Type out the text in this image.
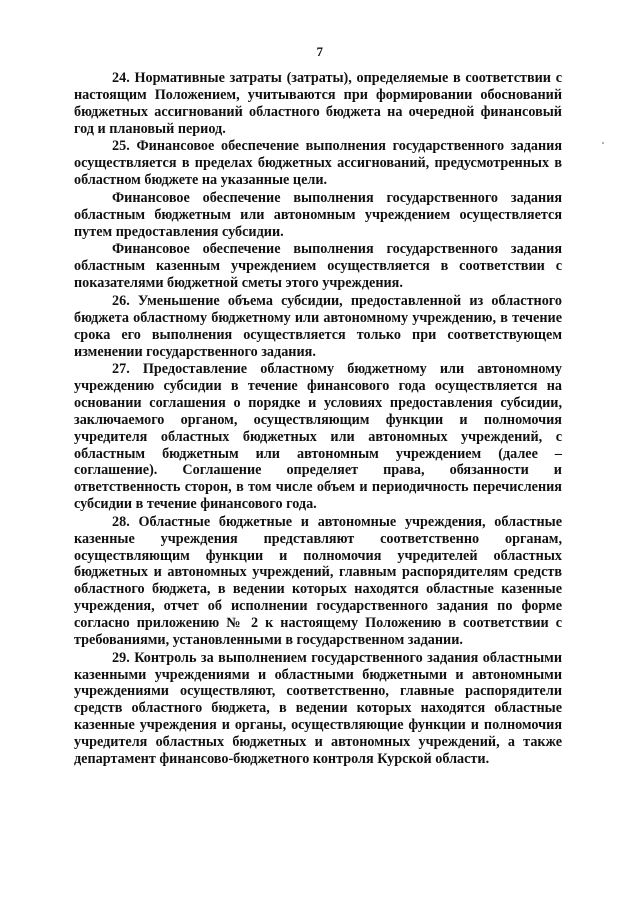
7

24. Нормативные затраты (затраты), определяемые в соответствии с настоящим Положением, учитываются при формировании обоснований бюджетных ассигнований областного бюджета на очередной финансовый год и плановый период.

25. Финансовое обеспечение выполнения государственного задания осуществляется в пределах бюджетных ассигнований, предусмотренных в областном бюджете на указанные цели.

Финансовое обеспечение выполнения государственного задания областным бюджетным или автономным учреждением осуществляется путем предоставления субсидии.

Финансовое обеспечение выполнения государственного задания областным казенным учреждением осуществляется в соответствии с показателями бюджетной сметы этого учреждения.

26. Уменьшение объема субсидии, предоставленной из областного бюджета областному бюджетному или автономному учреждению, в течение срока его выполнения осуществляется только при соответствующем изменении государственного задания.

27. Предоставление областному бюджетному или автономному учреждению субсидии в течение финансового года осуществляется на основании соглашения о порядке и условиях предоставления субсидии, заключаемого органом, осуществляющим функции и полномочия учредителя областных бюджетных или автономных учреждений, с областным бюджетным или автономным учреждением (далее – соглашение). Соглашение определяет права, обязанности и ответственность сторон, в том числе объем и периодичность перечисления субсидии в течение финансового года.

28. Областные бюджетные и автономные учреждения, областные казенные учреждения представляют соответственно органам, осуществляющим функции и полномочия учредителей областных бюджетных и автономных учреждений, главным распорядителям средств областного бюджета, в ведении которых находятся областные казенные учреждения, отчет об исполнении государственного задания по форме согласно приложению № 2 к настоящему Положению в соответствии с требованиями, установленными в государственном задании.

29. Контроль за выполнением государственного задания областными казенными учреждениями и областными бюджетными и автономными учреждениями осуществляют, соответственно, главные распорядители средств областного бюджета, в ведении которых находятся областные казенные учреждения и органы, осуществляющие функции и полномочия учредителя областных бюджетных и автономных учреждений, а также департамент финансово-бюджетного контроля Курской области.
